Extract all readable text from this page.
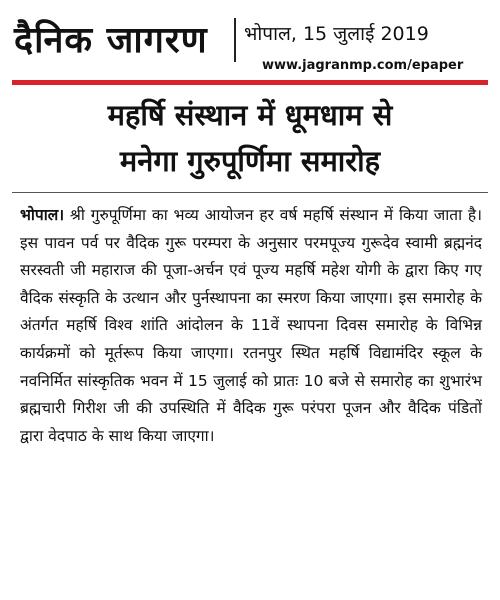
दैनिक जागरण भोपाल, 15 जुलाई 2019
www.jagranmp.com/epaper
महर्षि संस्थान में धूमधाम से
मनेगा गुरुपूर्णिमा समारोह
भोपाल। श्री गुरुपूर्णिमा का भव्य आयोजन हर वर्ष महर्षि संस्थान में किया जाता है। इस पावन पर्व पर वैदिक गुरू परम्परा के अनुसार परमपूज्य गुरूदेव स्वामी ब्रह्मनंद सरस्वती जी महाराज की पूजा-अर्चन एवं पूज्य महर्षि महेश योगी के द्वारा किए गए वैदिक संस्कृति के उत्थान और पुर्नस्थापना का स्मरण किया जाएगा। इस समारोह के अंतर्गत महर्षि विश्व शांति आंदोलन के 11वें स्थापना दिवस समारोह के विभिन्न कार्यक्रमों को मूर्तरूप किया जाएगा। रतनपुर स्थित महर्षि विद्यामंदिर स्कूल के नवनिर्मित सांस्कृतिक भवन में 15 जुलाई को प्रातः 10 बजे से समारोह का शुभारंभ ब्रह्मचारी गिरीश जी की उपस्थिति में वैदिक गुरू परंपरा पूजन और वैदिक पंडितों द्वारा वेदपाठ के साथ किया जाएगा।
